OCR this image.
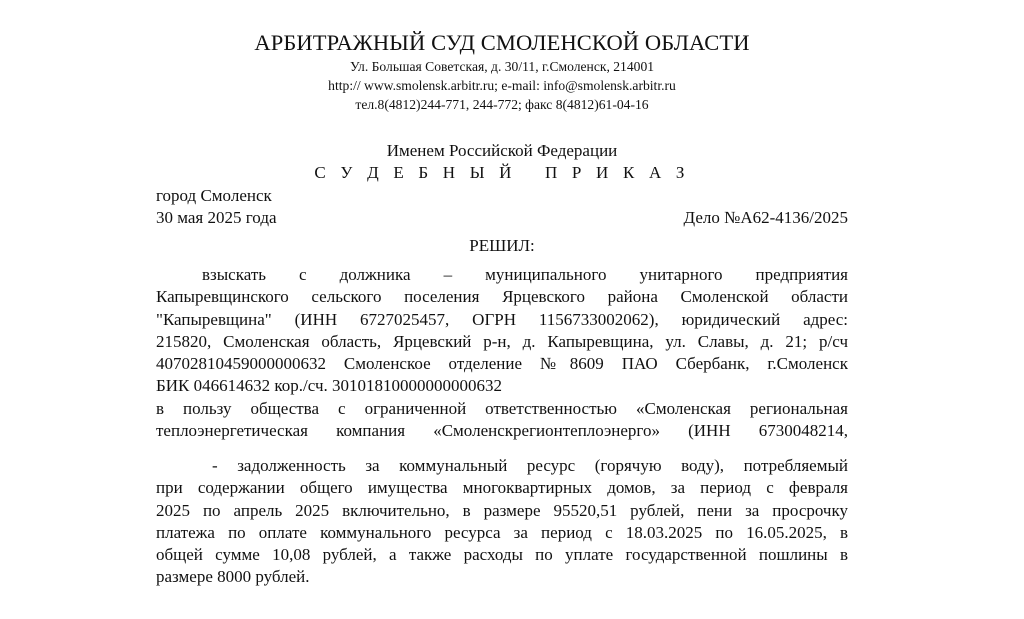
АРБИТРАЖНЫЙ СУД СМОЛЕНСКОЙ ОБЛАСТИ
Ул. Большая Советская, д. 30/11, г.Смоленск, 214001
http:// www.smolensk.arbitr.ru; e-mail: info@smolensk.arbitr.ru
тел.8(4812)244-771, 244-772; факс 8(4812)61-04-16
Именем Российской Федерации
С У Д Е Б Н Ы Й   П Р И К А З
город Смоленск
30 мая 2025 года	Дело №А62-4136/2025
РЕШИЛ:
взыскать с должника – муниципального унитарного предприятия
Капыревщинского сельского поселения Ярцевского района Смоленской области
"Капыревщина" (ИНН 6727025457, ОГРН 1156733002062), юридический адрес:
215820, Смоленская область, Ярцевский р-н, д. Капыревщина, ул. Славы, д. 21; р/сч
40702810459000000632 Смоленское отделение №8609 ПАО Сбербанк, г.Смоленск
БИК 046614632 кор./сч. 30101810000000000632
в пользу общества с ограниченной ответственностью «Смоленская региональная
теплоэнергетическая компания «Смоленскрегионтеплоэнерго» (ИНН 6730048214,
- задолженность за коммунальный ресурс (горячую воду), потребляемый
при содержании общего имущества многоквартирных домов, за период с февраля
2025 по апрель 2025 включительно, в размере 95520,51 рублей, пени за просрочку
платежа по оплате коммунального ресурса за период с 18.03.2025 по 16.05.2025, в
общей сумме 10,08 рублей, а также расходы по уплате государственной пошлины в
размере 8000 рублей.
